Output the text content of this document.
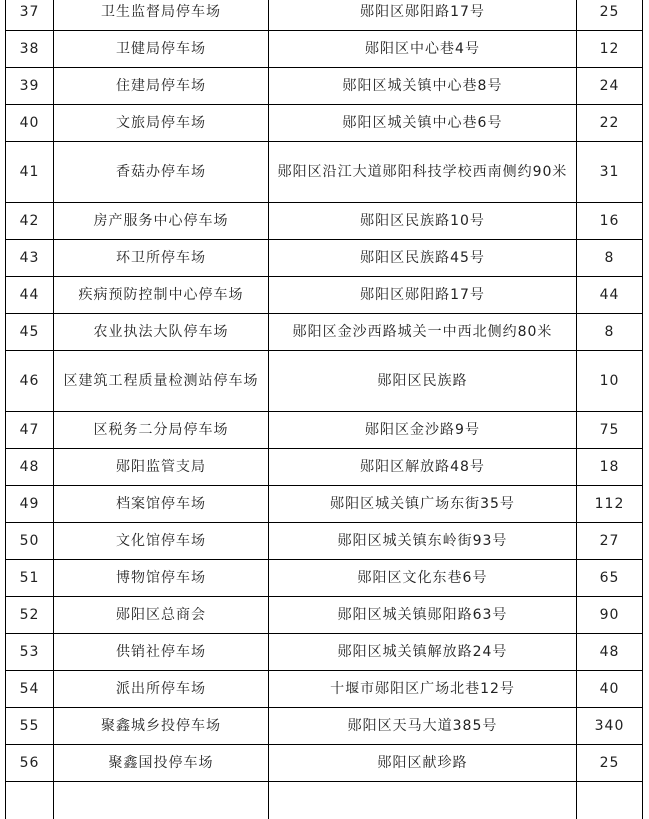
37	卫生监督局停车场	郧阳区郧阳路17号	25
38	卫健局停车场	郧阳区中心巷4号	12
39	住建局停车场	郧阳区城关镇中心巷8号	24
40	文旅局停车场	郧阳区城关镇中心巷6号	22
41	香菇办停车场	郧阳区沿江大道郧阳科技学校西南侧约90米	31
42	房产服务中心停车场	郧阳区民族路10号	16
43	环卫所停车场	郧阳区民族路45号	8
44	疾病预防控制中心停车场	郧阳区郧阳路17号	44
45	农业执法大队停车场	郧阳区金沙西路城关一中西北侧约80米	8
46	区建筑工程质量检测站停车场	郧阳区民族路	10
47	区税务二分局停车场	郧阳区金沙路9号	75
48	郧阳监管支局	郧阳区解放路48号	18
49	档案馆停车场	郧阳区城关镇广场东街35号	112
50	文化馆停车场	郧阳区城关镇东岭街93号	27
51	博物馆停车场	郧阳区文化东巷6号	65
52	郧阳区总商会	郧阳区城关镇郧阳路63号	90
53	供销社停车场	郧阳区城关镇解放路24号	48
54	派出所停车场	十堰市郧阳区广场北巷12号	40
55	聚鑫城乡投停车场	郧阳区天马大道385号	340
56	聚鑫国投停车场	郧阳区献珍路	25
